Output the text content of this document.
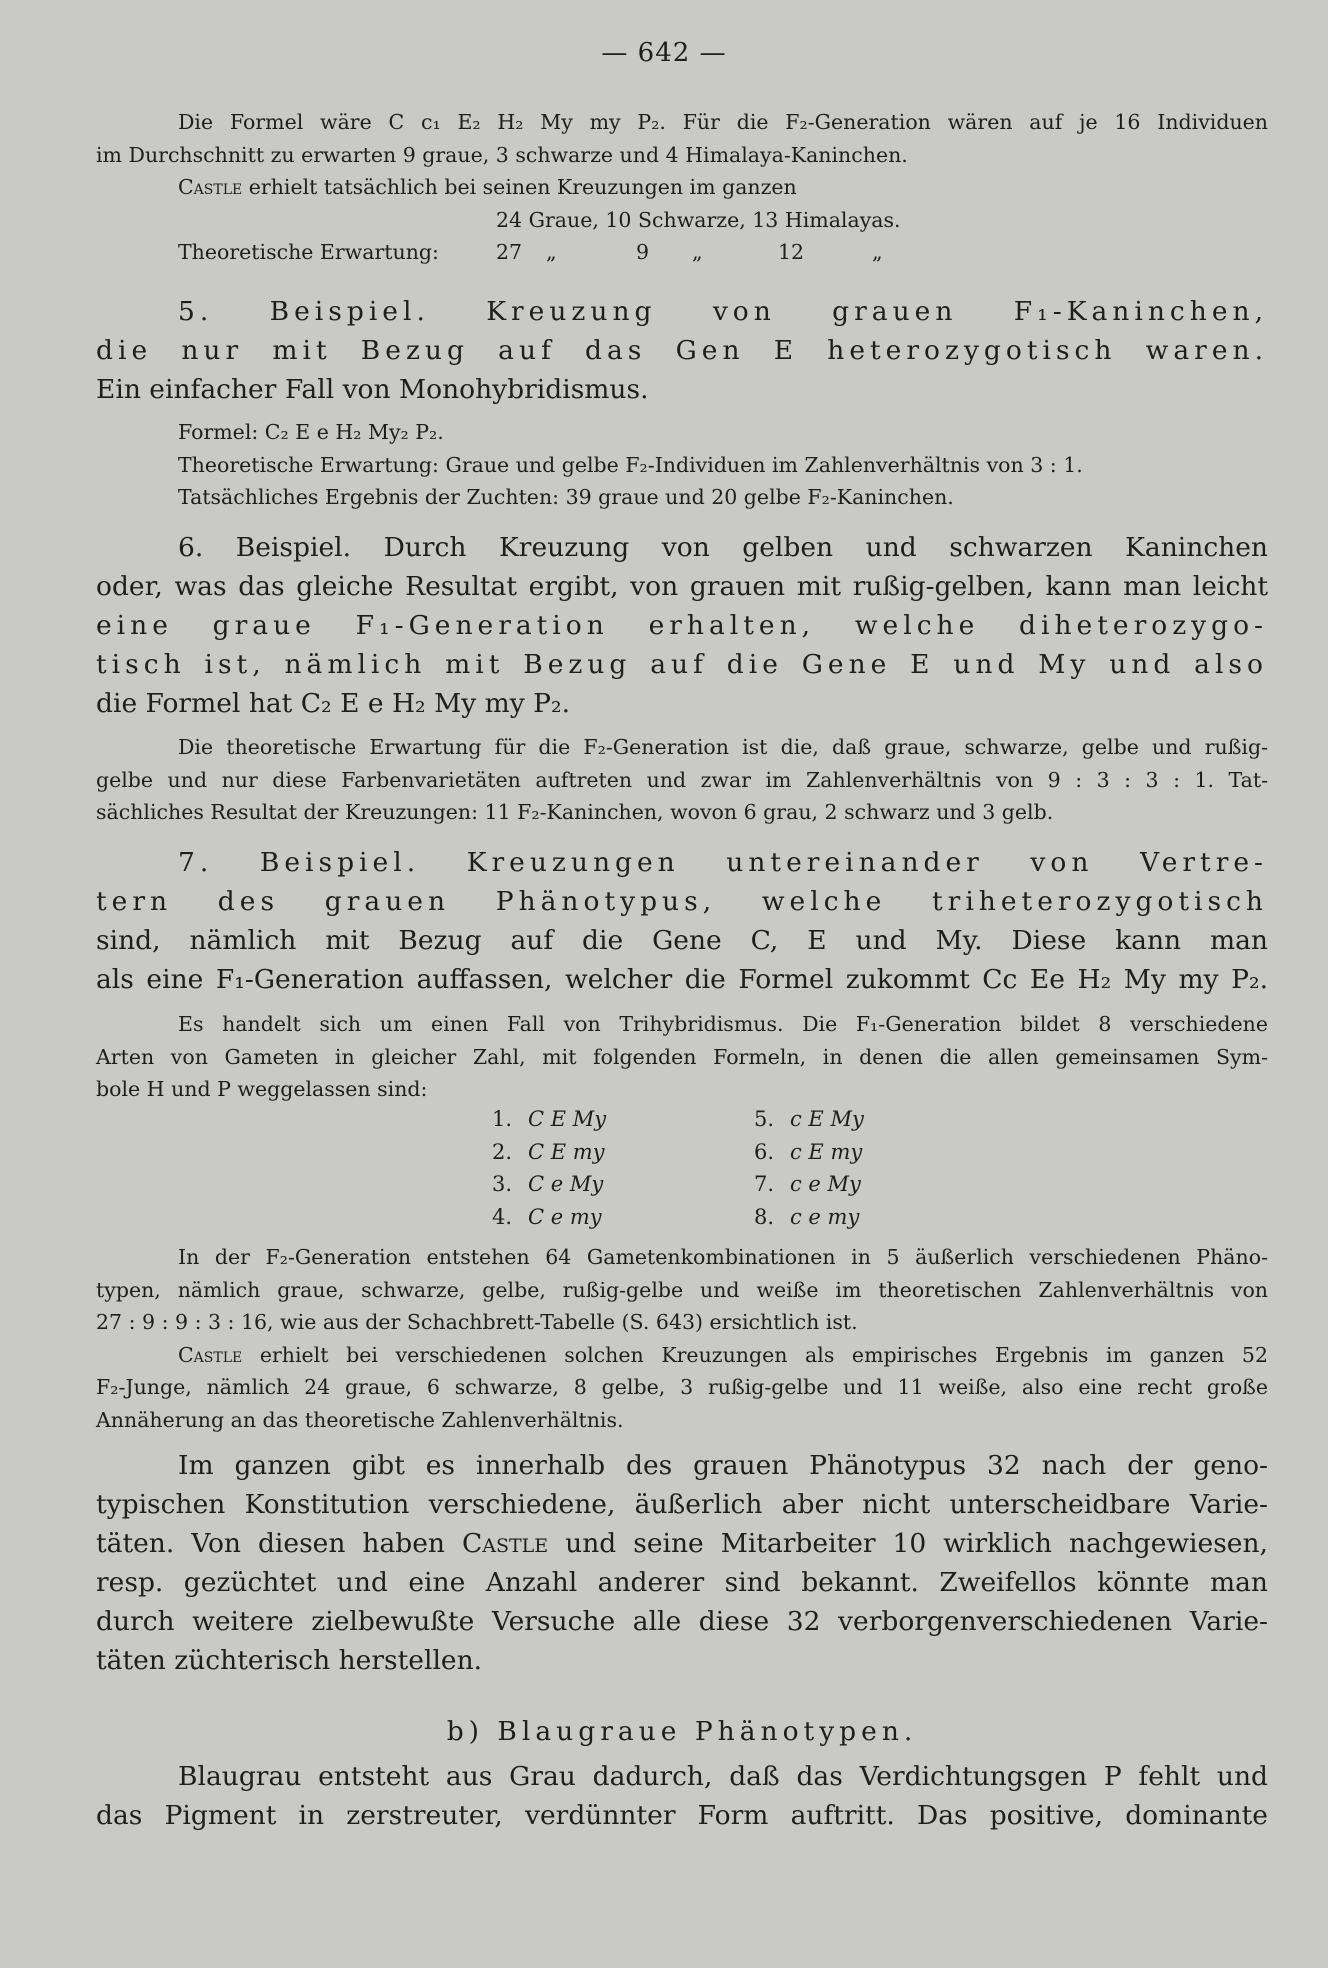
— 642 —
Die Formel wäre C c₁ E₂ H₂ My my P₂. Für die F₂-Generation wären auf je 16 Individuen
im Durchschnitt zu erwarten 9 graue, 3 schwarze und 4 Himalaya-Kaninchen.
Castle erhielt tatsächlich bei seinen Kreuzungen im ganzen
24 Graue, 10 Schwarze, 13 Himalayas.
Theoretische Erwartung:	27	„	9	„	12	„
5. Beispiel. Kreuzung von grauen F₁-Kaninchen,
die nur mit Bezug auf das Gen E heterozygotisch waren.
Ein einfacher Fall von Monohybridismus.
Formel: C₂ E e H₂ My₂ P₂.
Theoretische Erwartung: Graue und gelbe F₂-Individuen im Zahlenverhältnis von 3 : 1.
Tatsächliches Ergebnis der Zuchten: 39 graue und 20 gelbe F₂-Kaninchen.
6. Beispiel. Durch Kreuzung von gelben und schwarzen Kaninchen
oder, was das gleiche Resultat ergibt, von grauen mit rußig-gelben, kann man leicht
eine graue F₁-Generation erhalten, welche diheterozygo-
tisch ist, nämlich mit Bezug auf die Gene E und My und also
die Formel hat C₂ E e H₂ My my P₂.
Die theoretische Erwartung für die F₂-Generation ist die, daß graue, schwarze, gelbe und rußig-
gelbe und nur diese Farbenvarietäten auftreten und zwar im Zahlenverhältnis von 9 : 3 : 3 : 1. Tat-
sächliches Resultat der Kreuzungen: 11 F₂-Kaninchen, wovon 6 grau, 2 schwarz und 3 gelb.
7. Beispiel. Kreuzungen untereinander von Vertre-
tern des grauen Phänotypus, welche triheterozygotisch
sind, nämlich mit Bezug auf die Gene C, E und My. Diese kann man
als eine F₁-Generation auffassen, welcher die Formel zukommt Cc Ee H₂ My my P₂.
Es handelt sich um einen Fall von Trihybridismus. Die F₁-Generation bildet 8 verschiedene
Arten von Gameten in gleicher Zahl, mit folgenden Formeln, in denen die allen gemeinsamen Sym-
bole H und P weggelassen sind:
1. C E My
2. C E my
3. C e My
4. C e my
5. c E My
6. c E my
7. c e My
8. c e my
In der F₂-Generation entstehen 64 Gametenkombinationen in 5 äußerlich verschiedenen Phäno-
typen, nämlich graue, schwarze, gelbe, rußig-gelbe und weiße im theoretischen Zahlenverhältnis von
27 : 9 : 9 : 3 : 16, wie aus der Schachbrett-Tabelle (S. 643) ersichtlich ist.
Castle erhielt bei verschiedenen solchen Kreuzungen als empirisches Ergebnis im ganzen 52
F₂-Junge, nämlich 24 graue, 6 schwarze, 8 gelbe, 3 rußig-gelbe und 11 weiße, also eine recht große
Annäherung an das theoretische Zahlenverhältnis.
Im ganzen gibt es innerhalb des grauen Phänotypus 32 nach der geno-
typischen Konstitution verschiedene, äußerlich aber nicht unterscheidbare Varie-
täten. Von diesen haben Castle und seine Mitarbeiter 10 wirklich nachgewiesen,
resp. gezüchtet und eine Anzahl anderer sind bekannt. Zweifellos könnte man
durch weitere zielbewußte Versuche alle diese 32 verborgenverschiedenen Varie-
täten züchterisch herstellen.
b) Blaugraue Phänotypen.
Blaugrau entsteht aus Grau dadurch, daß das Verdichtungsgen P fehlt und
das Pigment in zerstreuter, verdünnter Form auftritt. Das positive, dominante
